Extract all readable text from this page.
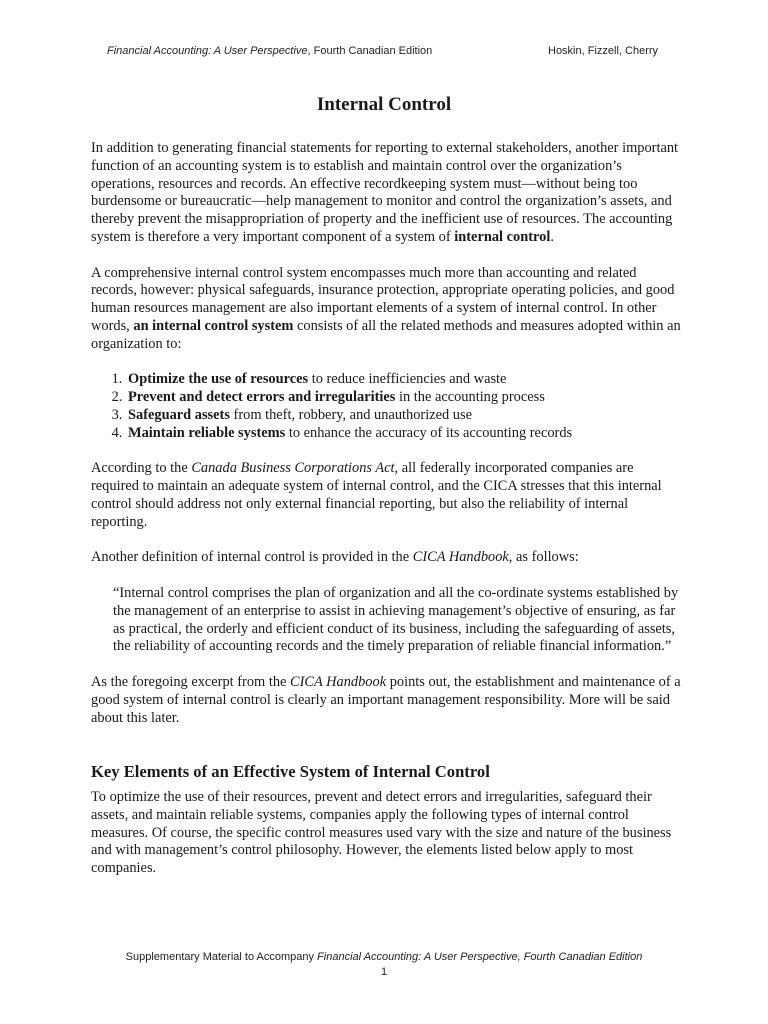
Financial Accounting: A User Perspective, Fourth Canadian Edition	Hoskin, Fizzell, Cherry
Internal Control

In addition to generating financial statements for reporting to external stakeholders, another important function of an accounting system is to establish and maintain control over the organization’s operations, resources and records. An effective recordkeeping system must—without being too burdensome or bureaucratic—help management to monitor and control the organization’s assets, and thereby prevent the misappropriation of property and the inefficient use of resources. The accounting system is therefore a very important component of a system of internal control.

A comprehensive internal control system encompasses much more than accounting and related records, however: physical safeguards, insurance protection, appropriate operating policies, and good human resources management are also important elements of a system of internal control. In other words, an internal control system consists of all the related methods and measures adopted within an organization to:

1. Optimize the use of resources to reduce inefficiencies and waste
2. Prevent and detect errors and irregularities in the accounting process
3. Safeguard assets from theft, robbery, and unauthorized use
4. Maintain reliable systems to enhance the accuracy of its accounting records

According to the Canada Business Corporations Act, all federally incorporated companies are required to maintain an adequate system of internal control, and the CICA stresses that this internal control should address not only external financial reporting, but also the reliability of internal reporting.

Another definition of internal control is provided in the CICA Handbook, as follows:

“Internal control comprises the plan of organization and all the co-ordinate systems established by the management of an enterprise to assist in achieving management’s objective of ensuring, as far as practical, the orderly and efficient conduct of its business, including the safeguarding of assets, the reliability of accounting records and the timely preparation of reliable financial information.”

As the foregoing excerpt from the CICA Handbook points out, the establishment and maintenance of a good system of internal control is clearly an important management responsibility. More will be said about this later.

Key Elements of an Effective System of Internal Control

To optimize the use of their resources, prevent and detect errors and irregularities, safeguard their assets, and maintain reliable systems, companies apply the following types of internal control measures. Of course, the specific control measures used vary with the size and nature of the business and with management’s control philosophy. However, the elements listed below apply to most companies.

Supplementary Material to Accompany Financial Accounting: A User Perspective, Fourth Canadian Edition
1
